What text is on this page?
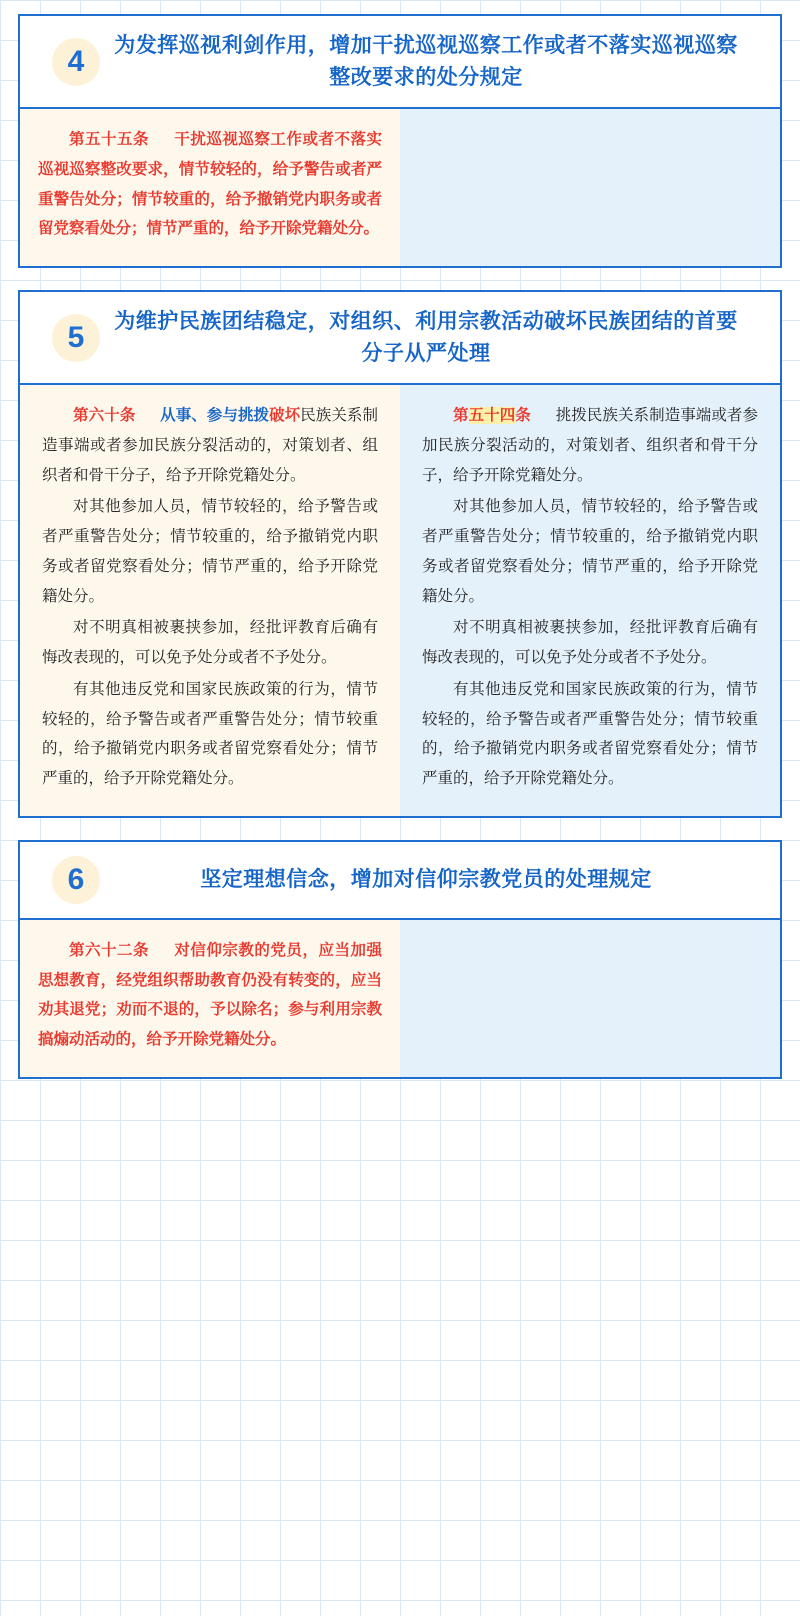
4	为发挥巡视利剑作用，增加干扰巡视巡察工作或者不落实巡视巡察整改要求的处分规定

第五十五条 干扰巡视巡察工作或者不落实巡视巡察整改要求，情节较轻的，给予警告或者严重警告处分；情节较重的，给予撤销党内职务或者留党察看处分；情节严重的，给予开除党籍处分。

5	为维护民族团结稳定，对组织、利用宗教活动破坏民族团结的首要分子从严处理

第六十条 从事、参与挑拨破坏民族关系制造事端或者参加民族分裂活动的，对策划者、组织者和骨干分子，给予开除党籍处分。

对其他参加人员，情节较轻的，给予警告或者严重警告处分；情节较重的，给予撤销党内职务或者留党察看处分；情节严重的，给予开除党籍处分。

对不明真相被裹挟参加，经批评教育后确有悔改表现的，可以免予处分或者不予处分。

有其他违反党和国家民族政策的行为，情节较轻的，给予警告或者严重警告处分；情节较重的，给予撤销党内职务或者留党察看处分；情节严重的，给予开除党籍处分。

第五十四条 挑拨民族关系制造事端或者参加民族分裂活动的，对策划者、组织者和骨干分子，给予开除党籍处分。

对其他参加人员，情节较轻的，给予警告或者严重警告处分；情节较重的，给予撤销党内职务或者留党察看处分；情节严重的，给予开除党籍处分。

对不明真相被裹挟参加，经批评教育后确有悔改表现的，可以免予处分或者不予处分。

有其他违反党和国家民族政策的行为，情节较轻的，给予警告或者严重警告处分；情节较重的，给予撤销党内职务或者留党察看处分；情节严重的，给予开除党籍处分。

6	坚定理想信念，增加对信仰宗教党员的处理规定

第六十二条 对信仰宗教的党员，应当加强思想教育，经党组织帮助教育仍没有转变的，应当劝其退党；劝而不退的，予以除名；参与利用宗教搞煽动活动的，给予开除党籍处分。
